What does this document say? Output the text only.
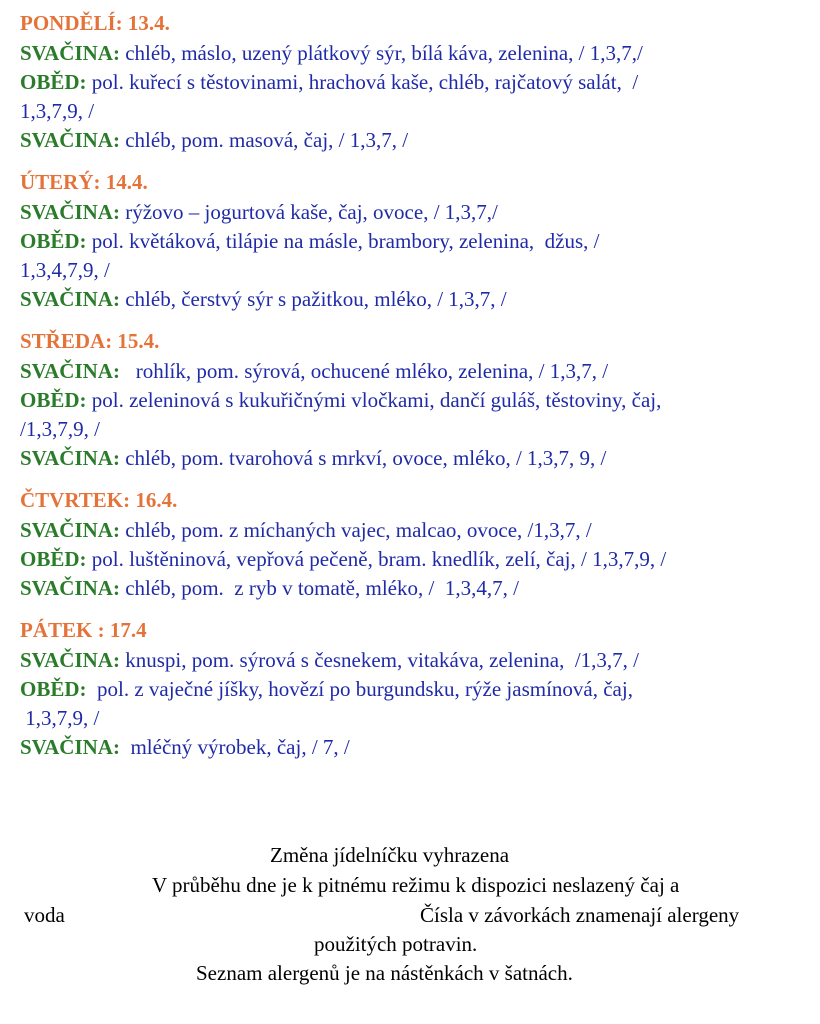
PONDĚLÍ: 13.4.
SVAČINA: chléb, máslo, uzený plátkový sýr, bílá káva, zelenina, / 1,3,7,/
OBĚD: pol. kuřecí s těstovinami, hrachová kaše, chléb, rajčatový salát,  /
1,3,7,9, /
SVAČINA: chléb, pom. masová, čaj, / 1,3,7, /
ÚTERÝ: 14.4.
SVAČINA: rýžovo – jogurtová kaše, čaj, ovoce, / 1,3,7,/
OBĚD: pol. květáková, tilápie na másle, brambory, zelenina,  džus, /
1,3,4,7,9, /
SVAČINA: chléb, čerstvý sýr s pažitkou, mléko, / 1,3,7, /
STŘEDA: 15.4.
SVAČINA:   rohlík, pom. sýrová, ochucené mléko, zelenina, / 1,3,7, /
OBĚD: pol. zeleninová s kukuřičnými vločkami, dančí guláš, těstoviny, čaj,
/1,3,7,9, /
SVAČINA: chléb, pom. tvarohová s mrkví, ovoce, mléko, / 1,3,7, 9, /
ČTVRTEK: 16.4.
SVAČINA: chléb, pom. z míchaných vajec, malcao, ovoce, /1,3,7, /
OBĚD: pol. luštěninová, vepřová pečeně, bram. knedlík, zelí, čaj, / 1,3,7,9, /
SVAČINA: chléb, pom.  z ryb v tomatě, mléko, /  1,3,4,7, /
PÁTEK : 17.4
SVAČINA: knuspi, pom. sýrová s česnekem, vitakáva, zelenina,  /1,3,7, /
OBĚD:  pol. z vaječné jíšky, hovězí po burgundsku, rýže jasmínová, čaj,
1,3,7,9, /
SVAČINA:  mléčný výrobek, čaj, / 7, /
Změna jídelníčku vyhrazena
V průběhu dne je k pitnému režimu k dispozici neslazený čaj a
voda	Čísla v závorkách znamenají alergeny
použitých potravin.
Seznam alergenů je na nástěnkách v šatnách.
